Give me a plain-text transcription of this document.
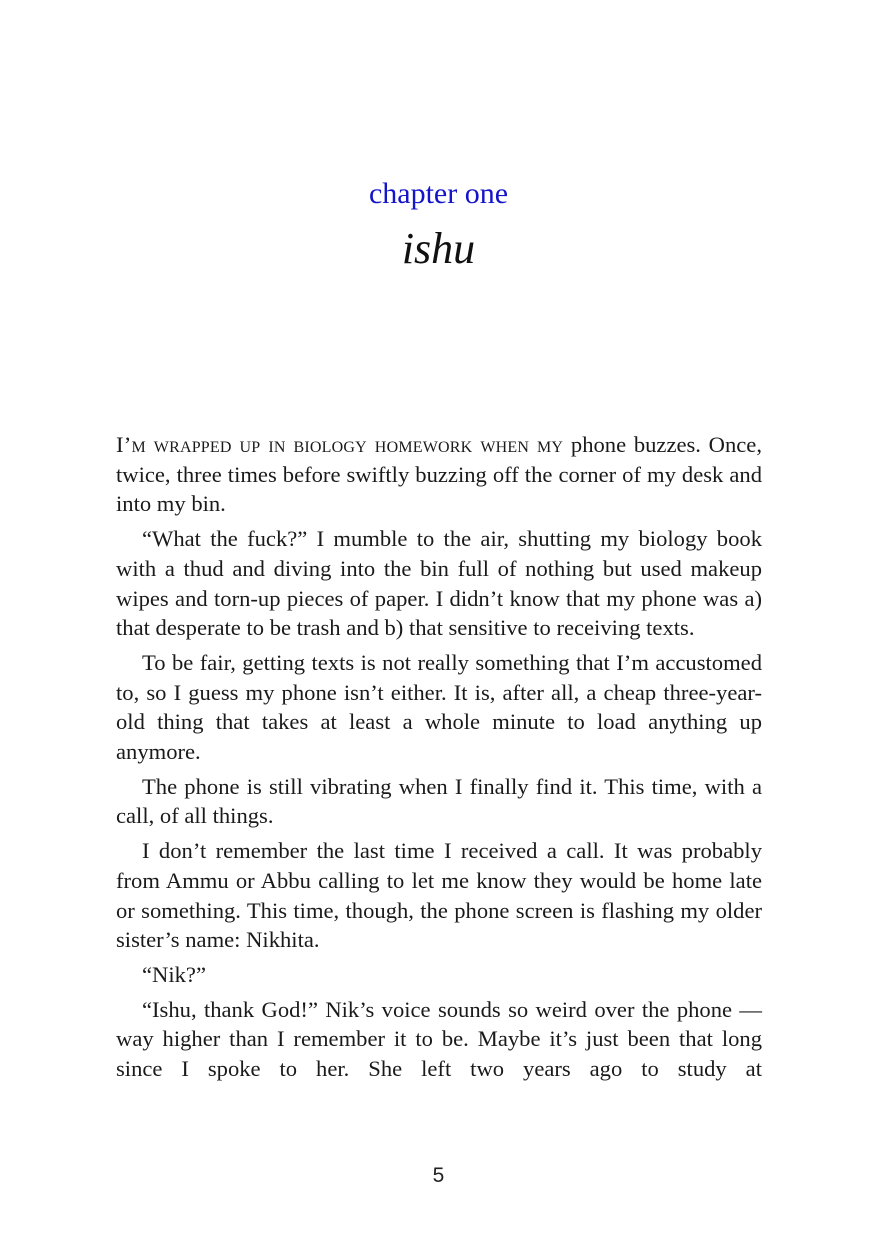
chapter one
ishu

I’m wrapped up in biology homework when my phone buzzes. Once, twice, three times before swiftly buzzing off the corner of my desk and into my bin.

“What the fuck?” I mumble to the air, shutting my biology book with a thud and diving into the bin full of nothing but used makeup wipes and torn-up pieces of paper. I didn’t know that my phone was a) that desperate to be trash and b) that sensitive to receiving texts.

To be fair, getting texts is not really something that I’m accustomed to, so I guess my phone isn’t either. It is, after all, a cheap three-year-old thing that takes at least a whole minute to load anything up anymore.

The phone is still vibrating when I finally find it. This time, with a call, of all things.

I don’t remember the last time I received a call. It was probably from Ammu or Abbu calling to let me know they would be home late or something. This time, though, the phone screen is flashing my older sister’s name: Nikhita.

“Nik?”

“Ishu, thank God!” Nik’s voice sounds so weird over the phone —way higher than I remember it to be. Maybe it’s just been that long since I spoke to her. She left two years ago to study at

5
